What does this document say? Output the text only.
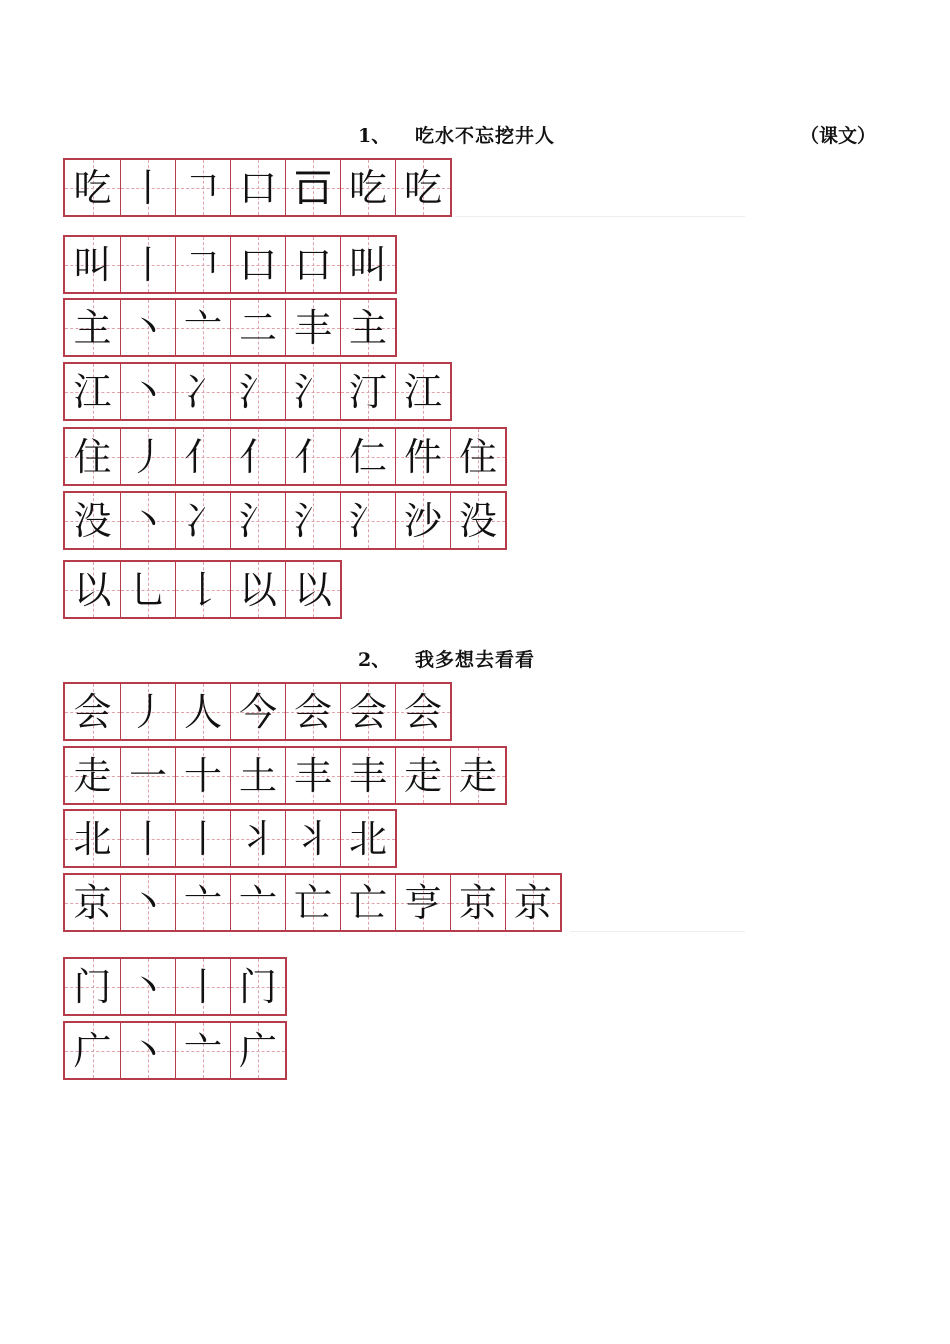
1、 吃水不忘挖井人	（课文）
吃 丨 𠃍 口 𠮛 吃 吃
叫 丨 𠃍 口 口 叫
主 丶 亠 二 丰 主
江 丶 冫 氵 氵 汀 江
住 丿 亻 亻 亻 仁 件 住
没 丶 冫 氵 氵 氵 沙 没
以 乚 𠄌 以 以
2、 我多想去看看
会 丿 人 今 会 会 会
走 一 十 土 丰 丰 走 走
北 丨 丨 丬 丬 北
京 丶 亠 亠 亡 亡 亨 京 京
门 丶 丨 门
广 丶 亠 广
